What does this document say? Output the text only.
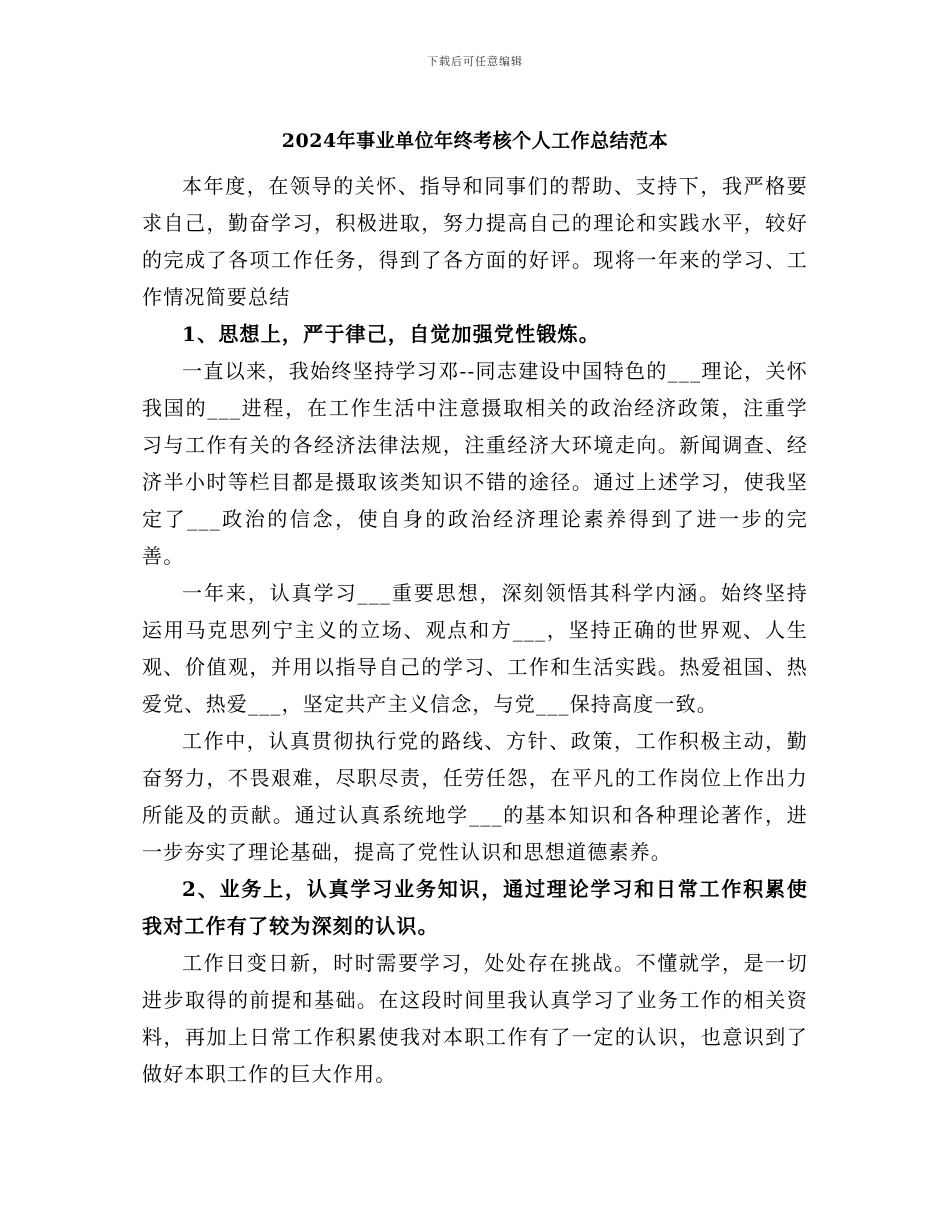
下载后可任意编辑
2024年事业单位年终考核个人工作总结范本

本年度，在领导的关怀、指导和同事们的帮助、支持下，我严格要求自己，勤奋学习，积极进取，努力提高自己的理论和实践水平，较好的完成了各项工作任务，得到了各方面的好评。现将一年来的学习、工作情况简要总结

1、思想上，严于律己，自觉加强党性锻炼。

一直以来，我始终坚持学习邓--同志建设中国特色的___理论，关怀我国的___进程，在工作生活中注意摄取相关的政治经济政策，注重学习与工作有关的各经济法律法规，注重经济大环境走向。新闻调查、经济半小时等栏目都是摄取该类知识不错的途径。通过上述学习，使我坚定了___政治的信念，使自身的政治经济理论素养得到了进一步的完善。

一年来，认真学习___重要思想，深刻领悟其科学内涵。始终坚持运用马克思列宁主义的立场、观点和方___，坚持正确的世界观、人生观、价值观，并用以指导自己的学习、工作和生活实践。热爱祖国、热爱党、热爱___，坚定共产主义信念，与党___保持高度一致。

工作中，认真贯彻执行党的路线、方针、政策，工作积极主动，勤奋努力，不畏艰难，尽职尽责，任劳任怨，在平凡的工作岗位上作出力所能及的贡献。通过认真系统地学___的基本知识和各种理论著作，进一步夯实了理论基础，提高了党性认识和思想道德素养。

2、业务上，认真学习业务知识，通过理论学习和日常工作积累使我对工作有了较为深刻的认识。

工作日变日新，时时需要学习，处处存在挑战。不懂就学，是一切进步取得的前提和基础。在这段时间里我认真学习了业务工作的相关资料，再加上日常工作积累使我对本职工作有了一定的认识，也意识到了做好本职工作的巨大作用。
